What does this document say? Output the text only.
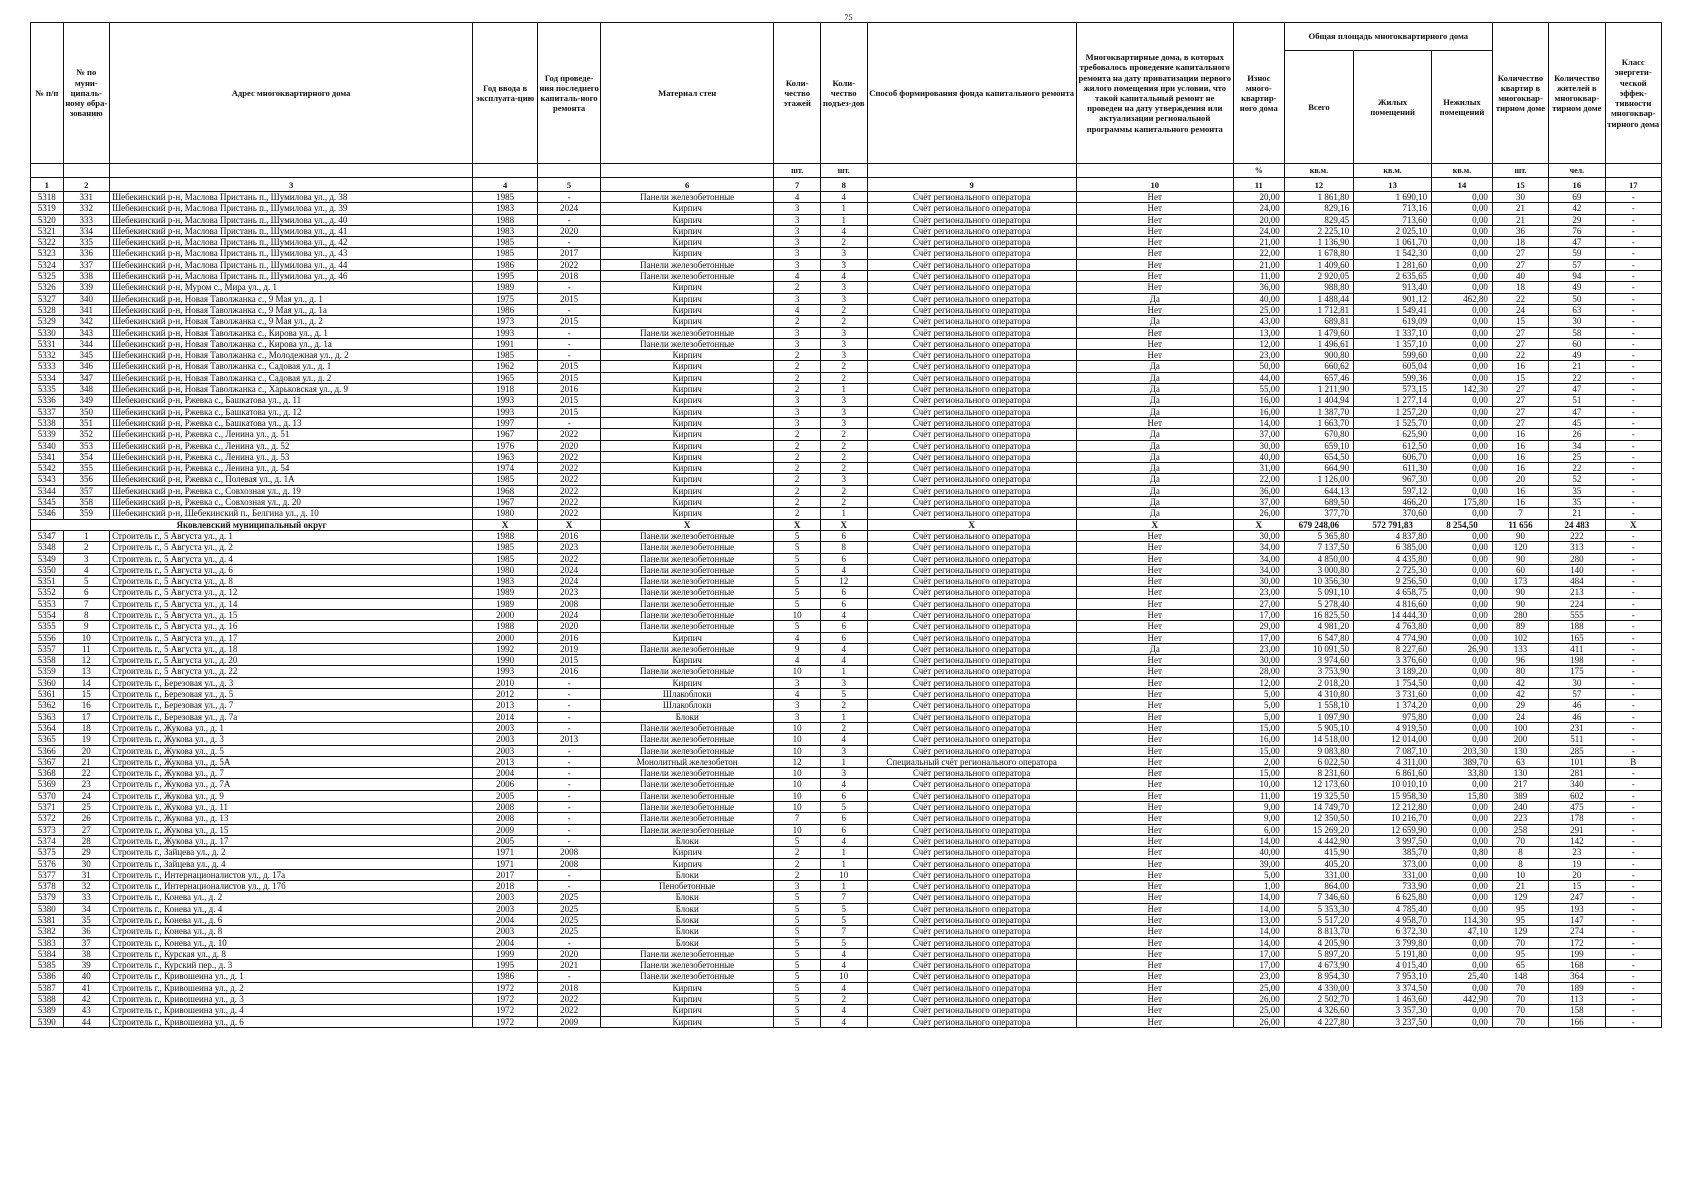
75
№ п/п	№ по муни-ципаль-ному обра-зованию	Адрес многоквартирного дома	Год ввода в эксплуата-цию	Год проведе-ния последнего капиталь-ного ремонта	Материал стен	Коли-чество этажей	Коли-чество подъез-дов	Способ формирования фонда капитального ремонта	Многоквартирные дома, в которых требовалось проведение капитального ремонта на дату приватизации первого жилого помещения при условии, что такой капитальный ремонт не проведен на дату утверждения или актуализации региональной программы капитального ремонта	Износ много-квартир-ного дома	Общая площадь многоквартирного дома			Количество квартир в многоквар-тирном доме	Количество жителей в многоквар-тирном доме	Класс энергети-ческой эффек-тивности многоквар-тирного дома
											Всего	Жилых помещений	Нежилых помещений			
						шт.	шт.			%	кв.м.	кв.м.	кв.м.	шт.	чел.	
1	2	3	4	5	6	7	8	9	10	11	12	13	14	15	16	17
5318	331	Шебекинский р-н, Маслова Пристань п., Шумилова ул., д. 38	1985	-	Панели железобетонные	4	4	Счёт регионального оператора	Нет	20,00	1 861,80	1 690,10	0,00	30	69	-
5319	332	Шебекинский р-н, Маслова Пристань п., Шумилова ул., д. 39	1983	2024	Кирпич	3	1	Счёт регионального оператора	Нет	24,00	829,16	713,16	0,00	21	42	-
5320	333	Шебекинский р-н, Маслова Пристань п., Шумилова ул., д. 40	1988	-	Кирпич	3	1	Счёт регионального оператора	Нет	20,00	829,45	713,60	0,00	21	29	-
5321	334	Шебекинский р-н, Маслова Пристань п., Шумилова ул., д. 41	1983	2020	Кирпич	3	4	Счёт регионального оператора	Нет	24,00	2 225,10	2 025,10	0,00	36	76	-
5322	335	Шебекинский р-н, Маслова Пристань п., Шумилова ул., д. 42	1985	-	Кирпич	3	2	Счёт регионального оператора	Нет	21,00	1 136,90	1 061,70	0,00	18	47	-
5323	336	Шебекинский р-н, Маслова Пристань п., Шумилова ул., д. 43	1985	2017	Кирпич	3	3	Счёт регионального оператора	Нет	22,00	1 678,80	1 542,30	0,00	27	59	-
5324	337	Шебекинский р-н, Маслова Пристань п., Шумилова ул., д. 44	1986	2022	Панели железобетонные	3	3	Счёт регионального оператора	Нет	21,00	1 409,60	1 281,60	0,00	27	57	-
5325	338	Шебекинский р-н, Маслова Пристань п., Шумилова ул., д. 46	1995	2018	Панели железобетонные	4	4	Счёт регионального оператора	Нет	11,00	2 920,05	2 635,65	0,00	40	94	-
5326	339	Шебекинский р-н, Муром с., Мира ул., д. 1	1989	-	Кирпич	2	3	Счёт регионального оператора	Нет	36,00	988,80	913,40	0,00	18	49	-
5327	340	Шебекинский р-н, Новая Таволжанка с., 9 Мая ул., д. 1	1975	2015	Кирпич	3	3	Счёт регионального оператора	Да	40,00	1 488,44	901,12	462,80	22	50	-
5328	341	Шебекинский р-н, Новая Таволжанка с., 9 Мая ул., д. 1а	1986	-	Кирпич	4	2	Счёт регионального оператора	Нет	25,00	1 712,81	1 549,41	0,00	24	63	-
5329	342	Шебекинский р-н, Новая Таволжанка с., 9 Мая ул., д. 2	1973	2015	Кирпич	2	2	Счёт регионального оператора	Да	43,00	689,81	619,09	0,00	15	30	-
5330	343	Шебекинский р-н, Новая Таволжанка с., Кирова ул., д. 1	1993	-	Панели железобетонные	3	3	Счёт регионального оператора	Нет	13,00	1 479,60	1 337,10	0,00	27	58	-
5331	344	Шебекинский р-н, Новая Таволжанка с., Кирова ул., д. 1а	1991	-	Панели железобетонные	3	3	Счёт регионального оператора	Нет	12,00	1 496,61	1 357,10	0,00	27	60	-
5332	345	Шебекинский р-н, Новая Таволжанка с., Молодежная ул., д. 2	1985	-	Кирпич	2	3	Счёт регионального оператора	Нет	23,00	900,80	599,60	0,00	22	49	-
5333	346	Шебекинский р-н, Новая Таволжанка с., Садовая ул., д. 1	1962	2015	Кирпич	2	2	Счёт регионального оператора	Да	50,00	660,62	605,04	0,00	16	21	-
5334	347	Шебекинский р-н, Новая Таволжанка с., Садовая ул., д. 2	1965	2015	Кирпич	2	2	Счёт регионального оператора	Да	44,00	657,46	599,36	0,00	15	22	-
5335	348	Шебекинский р-н, Новая Таволжанка с., Харьковская ул., д. 9	1918	2016	Кирпич	2	1	Счёт регионального оператора	Да	55,00	1 211,90	573,15	142,30	27	47	-
5336	349	Шебекинский р-н, Ржевка с., Башкатова ул., д. 11	1993	2015	Кирпич	3	3	Счёт регионального оператора	Да	16,00	1 404,94	1 277,14	0,00	27	51	-
5337	350	Шебекинский р-н, Ржевка с., Башкатова ул., д. 12	1993	2015	Кирпич	3	3	Счёт регионального оператора	Да	16,00	1 387,70	1 257,20	0,00	27	47	-
5338	351	Шебекинский р-н, Ржевка с., Башкатова ул., д. 13	1997	-	Кирпич	3	3	Счёт регионального оператора	Нет	14,00	1 663,70	1 525,70	0,00	27	45	-
5339	352	Шебекинский р-н, Ржевка с., Ленина ул., д. 51	1967	2022	Кирпич	2	2	Счёт регионального оператора	Да	37,00	670,80	625,90	0,00	16	26	-
5340	353	Шебекинский р-н, Ржевка с., Ленина ул., д. 52	1976	2020	Кирпич	2	2	Счёт регионального оператора	Да	30,00	659,10	612,50	0,00	16	34	-
5341	354	Шебекинский р-н, Ржевка с., Ленина ул., д. 53	1963	2022	Кирпич	2	2	Счёт регионального оператора	Да	40,00	654,50	606,70	0,00	16	25	-
5342	355	Шебекинский р-н, Ржевка с., Ленина ул., д. 54	1974	2022	Кирпич	2	2	Счёт регионального оператора	Да	31,00	664,90	611,30	0,00	16	22	-
5343	356	Шебекинский р-н, Ржевка с., Полевая ул., д. 1А	1985	2022	Кирпич	2	3	Счёт регионального оператора	Да	22,00	1 126,00	967,30	0,00	20	52	-
5344	357	Шебекинский р-н, Ржевка с., Совхозная ул., д. 19	1968	2022	Кирпич	2	2	Счёт регионального оператора	Да	36,00	644,13	597,12	0,00	16	35	-
5345	358	Шебекинский р-н, Ржевка с., Совхозная ул., д. 20	1967	2022	Кирпич	2	2	Счёт регионального оператора	Да	37,00	689,50	466,20	175,80	16	35	-
5346	359	Шебекинский р-н, Шебекинский п., Белгина ул., д. 10	1980	2022	Кирпич	2	1	Счёт регионального оператора	Да	26,00	377,70	370,60	0,00	7	21	-
Яковлевский муниципальный округ			X	X	X	X	X	X	X	X	679 248,06	572 791,83	8 254,50	11 656	24 483	X
5347	1	Строитель г., 5 Августа ул., д. 1	1988	2016	Панели железобетонные	5	6	Счёт регионального оператора	Нет	30,00	5 365,80	4 837,80	0,00	90	222	-
5348	2	Строитель г., 5 Августа ул., д. 2	1985	2023	Панели железобетонные	5	8	Счёт регионального оператора	Нет	34,00	7 137,50	6 385,00	0,00	120	313	-
5349	3	Строитель г., 5 Августа ул., д. 4	1985	2022	Панели железобетонные	5	6	Счёт регионального оператора	Нет	34,00	4 850,00	4 435,80	0,00	90	280	-
5350	4	Строитель г., 5 Августа ул., д. 6	1980	2024	Панели железобетонные	5	4	Счёт регионального оператора	Нет	34,00	3 000,80	2 725,30	0,00	60	140	-
5351	5	Строитель г., 5 Августа ул., д. 8	1983	2024	Панели железобетонные	5	12	Счёт регионального оператора	Нет	30,00	10 356,30	9 256,50	0,00	173	484	-
5352	6	Строитель г., 5 Августа ул., д. 12	1989	2023	Панели железобетонные	5	6	Счёт регионального оператора	Нет	23,00	5 091,10	4 658,75	0,00	90	213	-
5353	7	Строитель г., 5 Августа ул., д. 14	1989	2008	Панели железобетонные	5	6	Счёт регионального оператора	Нет	27,00	5 278,40	4 816,60	0,00	90	224	-
5354	8	Строитель г., 5 Августа ул., д. 15	2000	2024	Панели железобетонные	10	4	Счёт регионального оператора	Нет	17,00	16 825,50	14 444,30	0,00	280	555	-
5355	9	Строитель г., 5 Августа ул., д. 16	1988	2020	Панели железобетонные	5	6	Счёт регионального оператора	Нет	29,00	4 981,20	4 763,80	0,00	89	188	-
5356	10	Строитель г., 5 Августа ул., д. 17	2000	2016	Кирпич	4	6	Счёт регионального оператора	Нет	17,00	6 547,80	4 774,90	0,00	102	165	-
5357	11	Строитель г., 5 Августа ул., д. 18	1992	2019	Панели железобетонные	9	4	Счёт регионального оператора	Да	23,00	10 091,50	8 227,60	26,90	133	411	-
5358	12	Строитель г., 5 Августа ул., д. 20	1990	2015	Кирпич	4	4	Счёт регионального оператора	Нет	30,00	3 974,60	3 376,60	0,00	96	198	-
5359	13	Строитель г., 5 Августа ул., д. 22	1993	2016	Панели железобетонные	10	1	Счёт регионального оператора	Нет	28,00	3 753,90	3 189,20	0,00	80	175	-
5360	14	Строитель г., Березовая ул., д. 3	2010	-	Кирпич	3	3	Счёт регионального оператора	Нет	12,00	2 018,20	1 754,50	0,00	42	30	-
5361	15	Строитель г., Березовая ул., д. 5	2012	-	Шлакоблоки	4	5	Счёт регионального оператора	Нет	5,00	4 310,80	3 731,60	0,00	42	57	-
5362	16	Строитель г., Березовая ул., д. 7	2013	-	Шлакоблоки	3	2	Счёт регионального оператора	Нет	5,00	1 558,10	1 374,20	0,00	29	46	-
5363	17	Строитель г., Березовая ул., д. 7а	2014	-	Блоки	3	1	Счёт регионального оператора	Нет	5,00	1 097,90	975,80	0,00	24	46	-
5364	18	Строитель г., Жукова ул., д. 1	2003	-	Панели железобетонные	10	2	Счёт регионального оператора	Нет	15,00	5 905,10	4 919,50	0,00	100	231	-
5365	19	Строитель г., Жукова ул., д. 3	2003	2013	Панели железобетонные	10	4	Счёт регионального оператора	Нет	16,00	14 518,00	12 014,00	0,00	200	511	-
5366	20	Строитель г., Жукова ул., д. 5	2003	-	Панели железобетонные	10	3	Счёт регионального оператора	Нет	15,00	9 083,80	7 087,10	203,30	130	285	-
5367	21	Строитель г., Жукова ул., д. 5А	2013	-	Монолитный железобетон	12	1	Специальный счёт регионального оператора	Нет	2,00	6 022,50	4 311,00	389,70	63	101	В
5368	22	Строитель г., Жукова ул., д. 7	2004	-	Панели железобетонные	10	3	Счёт регионального оператора	Нет	15,00	8 231,60	6 861,60	33,80	130	281	-
5369	23	Строитель г., Жукова ул., д. 7А	2006	-	Панели железобетонные	10	4	Счёт регионального оператора	Нет	10,00	12 173,60	10 010,10	0,00	217	340	-
5370	24	Строитель г., Жукова ул., д. 9	2005	-	Панели железобетонные	10	6	Счёт регионального оператора	Нет	11,00	19 325,50	15 958,30	15,80	389	602	-
5371	25	Строитель г., Жукова ул., д. 11	2008	-	Панели железобетонные	10	5	Счёт регионального оператора	Нет	9,00	14 749,70	12 212,80	0,00	240	475	-
5372	26	Строитель г., Жукова ул., д. 13	2008	-	Панели железобетонные	7	6	Счёт регионального оператора	Нет	9,00	12 350,50	10 216,70	0,00	223	178	-
5373	27	Строитель г., Жукова ул., д. 15	2009	-	Панели железобетонные	10	6	Счёт регионального оператора	Нет	6,00	15 269,20	12 659,90	0,00	258	291	-
5374	28	Строитель г., Жукова ул., д. 17	2005	-	Блоки	5	4	Счёт регионального оператора	Нет	14,00	4 442,90	3 997,50	0,00	70	142	-
5375	29	Строитель г., Зайцева ул., д. 2	1971	2008	Кирпич	2	1	Счёт регионального оператора	Нет	40,00	415,90	385,70	0,80	8	23	-
5376	30	Строитель г., Зайцева ул., д. 4	1971	2008	Кирпич	2	1	Счёт регионального оператора	Нет	39,00	405,20	373,00	0,00	8	19	-
5377	31	Строитель г., Интернационалистов ул., д. 17а	2017	-	Блоки	2	10	Счёт регионального оператора	Нет	5,00	331,00	331,00	0,00	10	20	-
5378	32	Строитель г., Интернационалистов ул., д. 17б	2018	-	Пенобетонные	3	1	Счёт регионального оператора	Нет	1,00	864,00	733,90	0,00	21	15	-
5379	33	Строитель г., Конева ул., д. 2	2003	2025	Блоки	5	7	Счёт регионального оператора	Нет	14,00	7 346,60	6 625,80	0,00	129	247	-
5380	34	Строитель г., Конева ул., д. 4	2003	2025	Блоки	5	5	Счёт регионального оператора	Нет	14,00	5 353,30	4 785,40	0,00	95	193	-
5381	35	Строитель г., Конева ул., д. 6	2004	2025	Блоки	5	5	Счёт регионального оператора	Нет	13,00	5 517,20	4 958,70	114,30	95	147	-
5382	36	Строитель г., Конева ул., д. 8	2003	2025	Блоки	5	7	Счёт регионального оператора	Нет	14,00	8 813,70	6 372,30	47,10	129	274	-
5383	37	Строитель г., Конева ул., д. 10	2004	-	Блоки	5	5	Счёт регионального оператора	Нет	14,00	4 205,90	3 799,80	0,00	70	172	-
5384	38	Строитель г., Курская ул., д. 8	1999	2020	Панели железобетонные	5	4	Счёт регионального оператора	Нет	17,00	5 897,20	5 191,80	0,00	95	199	-
5385	39	Строитель г., Курский пер., д. 3	1995	2021	Панели железобетонные	5	4	Счёт регионального оператора	Нет	17,00	4 673,90	4 015,40	0,00	65	168	-
5386	40	Строитель г., Кривошеина ул., д. 1	1986	-	Панели железобетонные	5	10	Счёт регионального оператора	Нет	23,00	8 954,30	7 953,10	25,40	148	364	-
5387	41	Строитель г., Кривошеина ул., д. 2	1972	2018	Кирпич	5	4	Счёт регионального оператора	Нет	25,00	4 330,00	3 374,50	0,00	70	189	-
5388	42	Строитель г., Кривошеина ул., д. 3	1972	2022	Кирпич	5	2	Счёт регионального оператора	Нет	26,00	2 502,70	1 463,60	442,90	70	113	-
5389	43	Строитель г., Кривошеина ул., д. 4	1972	2022	Кирпич	5	4	Счёт регионального оператора	Нет	25,00	4 326,60	3 357,30	0,00	70	158	-
5390	44	Строитель г., Кривошеина ул., д. 6	1972	2009	Кирпич	5	4	Счёт регионального оператора	Нет	26,00	4 227,80	3 237,50	0,00	70	166	-
